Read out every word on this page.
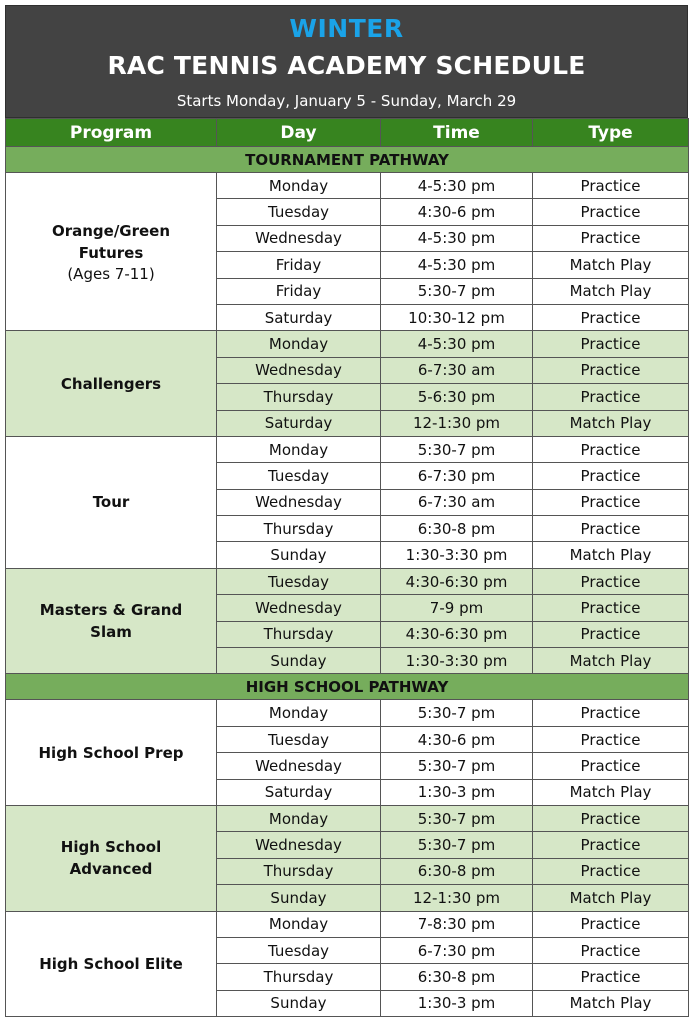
WINTER
RAC TENNIS ACADEMY SCHEDULE
Starts Monday, January 5 - Sunday, March 29
Program	Day	Time	Type
TOURNAMENT PATHWAY			
Orange/Green Futures
(Ages 7-11)	Monday	4-5:30 pm	Practice
	Tuesday	4:30-6 pm	Practice
	Wednesday	4-5:30 pm	Practice
	Friday	4-5:30 pm	Match Play
	Friday	5:30-7 pm	Match Play
	Saturday	10:30-12 pm	Practice
Challengers	Monday	4-5:30 pm	Practice
	Wednesday	6-7:30 am	Practice
	Thursday	5-6:30 pm	Practice
	Saturday	12-1:30 pm	Match Play
Tour	Monday	5:30-7 pm	Practice
	Tuesday	6-7:30 pm	Practice
	Wednesday	6-7:30 am	Practice
	Thursday	6:30-8 pm	Practice
	Sunday	1:30-3:30 pm	Match Play
Masters & Grand Slam	Tuesday	4:30-6:30 pm	Practice
	Wednesday	7-9 pm	Practice
	Thursday	4:30-6:30 pm	Practice
	Sunday	1:30-3:30 pm	Match Play
HIGH SCHOOL PATHWAY			
High School Prep	Monday	5:30-7 pm	Practice
	Tuesday	4:30-6 pm	Practice
	Wednesday	5:30-7 pm	Practice
	Saturday	1:30-3 pm	Match Play
High School Advanced	Monday	5:30-7 pm	Practice
	Wednesday	5:30-7 pm	Practice
	Thursday	6:30-8 pm	Practice
	Sunday	12-1:30 pm	Match Play
High School Elite	Monday	7-8:30 pm	Practice
	Tuesday	6-7:30 pm	Practice
	Thursday	6:30-8 pm	Practice
	Sunday	1:30-3 pm	Match Play
